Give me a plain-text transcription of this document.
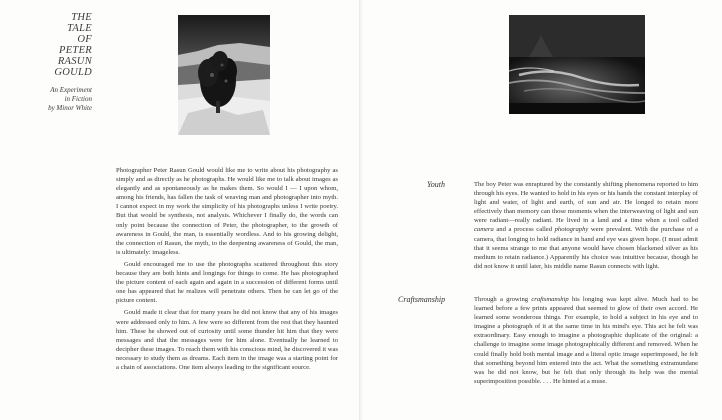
THE
TALE
OF
PETER
RASUN
GOULD
An Experiment
in Fiction
by Minor White

Photographer Peter Rasun Gould would like me to write about his photography as simply and as directly as he photographs. He would like me to talk about images as elegantly and as spontaneously as he makes them. So would I — I upon whom, among his friends, has fallen the task of weaving man and photographer into myth. I cannot expect in my work the simplicity of his photographs unless I write poetry. But that would be synthesis, not analysis. Whichever I finally do, the words can only point because the connection of Peter, the photographer, to the growth of awareness in Gould, the man, is essentially wordless. And to his growing delight, the connection of Rasun, the myth, to the deepening awareness of Gould, the man, is ultimately: imageless.

Gould encouraged me to use the photographs scattered throughout this story because they are both hints and longings for things to come. He has photographed the picture content of each again and again in a succession of different forms until one has appeared that he realizes will penetrate others. Then he can let go of the picture content.

Gould made it clear that for many years he did not know that any of his images were addressed only to him. A few were so different from the rest that they haunted him. These he showed out of curiosity until some thunder hit him that they were messages and that the messages were for him alone. Eventually he learned to decipher these images. To reach them with his conscious mind, he discovered it was necessary to study them as dreams. Each item in the image was a starting point for a chain of associations. One item always leading to the significant source.

Youth	The boy Peter was enraptured by the constantly shifting phenomena reported to him through his eyes. He wanted to hold in his eyes or his hands the constant interplay of light and water, of light and earth, of sun and air. He longed to retain more effectively than memory can those moments when the interweaving of light and sun were radiant—really radiant. He lived in a land and a time when a tool called camera and a process called photography were prevalent. With the purchase of a camera, that longing to hold radiance in hand and eye was given hope. (I must admit that it seems strange to me that anyone would have chosen blackened silver as his medium to retain radiance.) Apparently his choice was intuitive because, though he did not know it until later, his middle name Rasun connects with light.

Craftsmanship	Through a growing craftsmanship his longing was kept alive. Much had to be learned before a few prints appeared that seemed to glow of their own accord. He learned some wonderous things. For example, to hold a subject in his eye and to imagine a photograph of it at the same time in his mind's eye. This act he felt was extraordinary. Easy enough to imagine a photographic duplicate of the original: a challenge to imagine some image photographically different and removed. When he could finally hold both mental image and a literal optic image superimposed, he felt that something beyond him entered into the act. What the something extramundane was he did not know, but he felt that only through its help was the mental superimposition possible. . . . He hinted at a muse.
